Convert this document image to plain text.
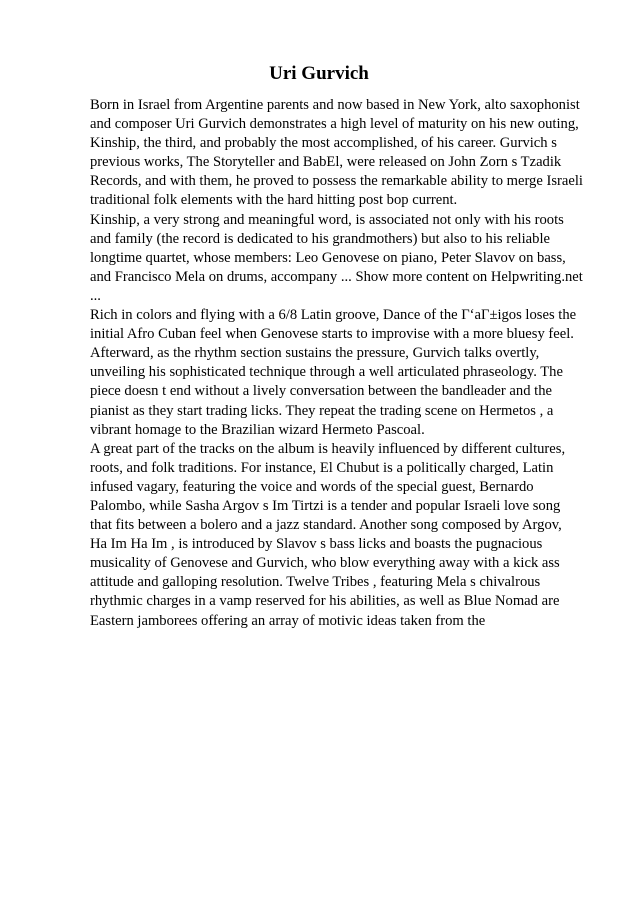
Uri Gurvich
Born in Israel from Argentine parents and now based in New York, alto saxophonist
and composer Uri Gurvich demonstrates a high level of maturity on his new outing,
Kinship, the third, and probably the most accomplished, of his career. Gurvich s
previous works, The Storyteller and BabEl, were released on John Zorn s Tzadik
Records, and with them, he proved to possess the remarkable ability to merge Israeli
traditional folk elements with the hard hitting post bop current.
Kinship, a very strong and meaningful word, is associated not only with his roots
and family (the record is dedicated to his grandmothers) but also to his reliable
longtime quartet, whose members: Leo Genovese on piano, Peter Slavov on bass,
and Francisco Mela on drums, accompany ... Show more content on Helpwriting.net
...
Rich in colors and flying with a 6/8 Latin groove, Dance of the Г‘аГ±igos loses the
initial Afro Cuban feel when Genovese starts to improvise with a more bluesy feel.
Afterward, as the rhythm section sustains the pressure, Gurvich talks overtly,
unveiling his sophisticated technique through a well articulated phraseology. The
piece doesn t end without a lively conversation between the bandleader and the
pianist as they start trading licks. They repeat the trading scene on Hermetos , a
vibrant homage to the Brazilian wizard Hermeto Pascoal.
A great part of the tracks on the album is heavily influenced by different cultures,
roots, and folk traditions. For instance, El Chubut is a politically charged, Latin
infused vagary, featuring the voice and words of the special guest, Bernardo
Palombo, while Sasha Argov s Im Tirtzi is a tender and popular Israeli love song
that fits between a bolero and a jazz standard. Another song composed by Argov,
Ha Im Ha Im , is introduced by Slavov s bass licks and boasts the pugnacious
musicality of Genovese and Gurvich, who blow everything away with a kick ass
attitude and galloping resolution. Twelve Tribes , featuring Mela s chivalrous
rhythmic charges in a vamp reserved for his abilities, as well as Blue Nomad are
Eastern jamborees offering an array of motivic ideas taken from the
